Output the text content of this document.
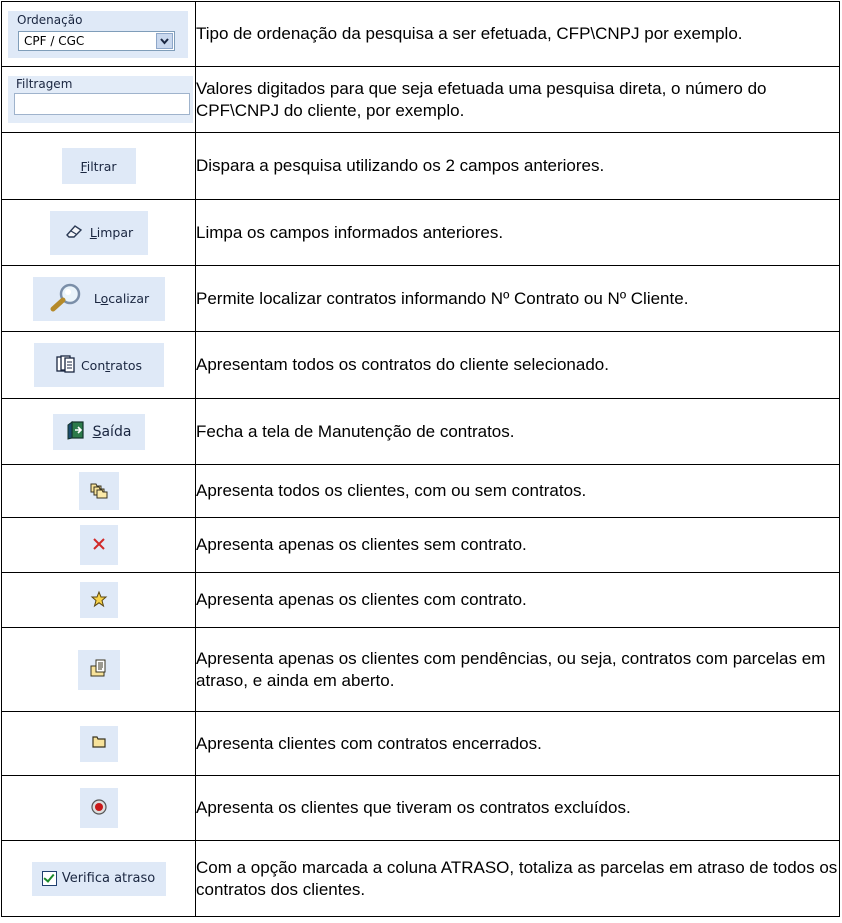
Ordenação
CPF / CGC	Tipo de ordenação da pesquisa a ser efetuada, CFP\CNPJ por exemplo.

Filtragem	Valores digitados para que seja efetuada uma pesquisa direta, o número do CPF\CNPJ do cliente, por exemplo.

Filtrar	Dispara a pesquisa utilizando os 2 campos anteriores.

Limpar	Limpa os campos informados anteriores.

Localizar	Permite localizar contratos informando Nº Contrato ou Nº Cliente.

Contratos	Apresentam todos os contratos do cliente selecionado.

Saída	Fecha a tela de Manutenção de contratos.

	Apresenta todos os clientes, com ou sem contratos.

	Apresenta apenas os clientes sem contrato.

	Apresenta apenas os clientes com contrato.

	Apresenta apenas os clientes com pendências, ou seja, contratos com parcelas em atraso, e ainda em aberto.

	Apresenta clientes com contratos encerrados.

	Apresenta os clientes que tiveram os contratos excluídos.

Verifica atraso	Com a opção marcada a coluna ATRASO, totaliza as parcelas em atraso de todos os contratos dos clientes.
